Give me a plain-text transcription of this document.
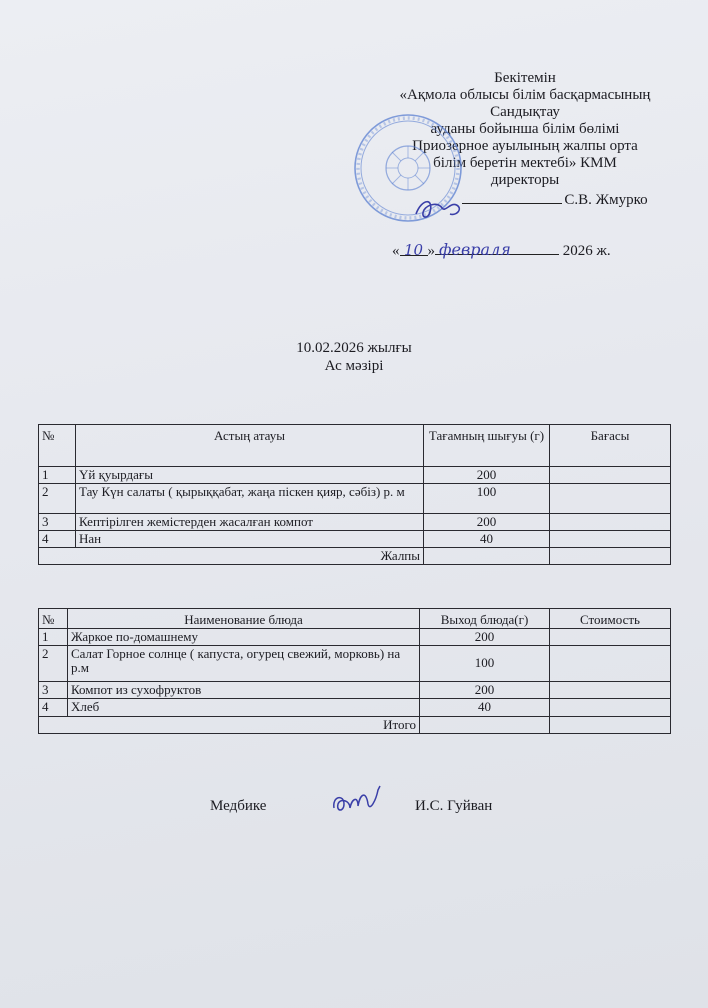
Бекітемін
«Ақмола облысы білім басқармасының
Сандықтау
ауданы бойынша білім бөлімі
Приозерное ауылының жалпы орта
білім беретін мектебі» КММ
директоры
С.В. Жмурко
« 10 » февраля	2026 ж.
10.02.2026 жылғы
Ас мәзірі
№	Астың атауы	Тағамның шығуы (г)	Бағасы
1	Үй қуырдағы	200	
2	Тау Күн салаты ( қырыққабат, жаңа піскен қияр, сәбіз) р. м	100	
3	Кептірілген жемістерден жасалған компот	200	
4	Нан	40	
Жалпы			
№	Наименование блюда	Выход блюда(г)	Стоимость
1	Жаркое по-домашнему	200	
2	Салат Горное солнце ( капуста, огурец свежий, морковь) на р.м	100	
3	Компот из сухофруктов	200	
4	Хлеб	40	
Итого			
Медбике	И.С. Гуйван
